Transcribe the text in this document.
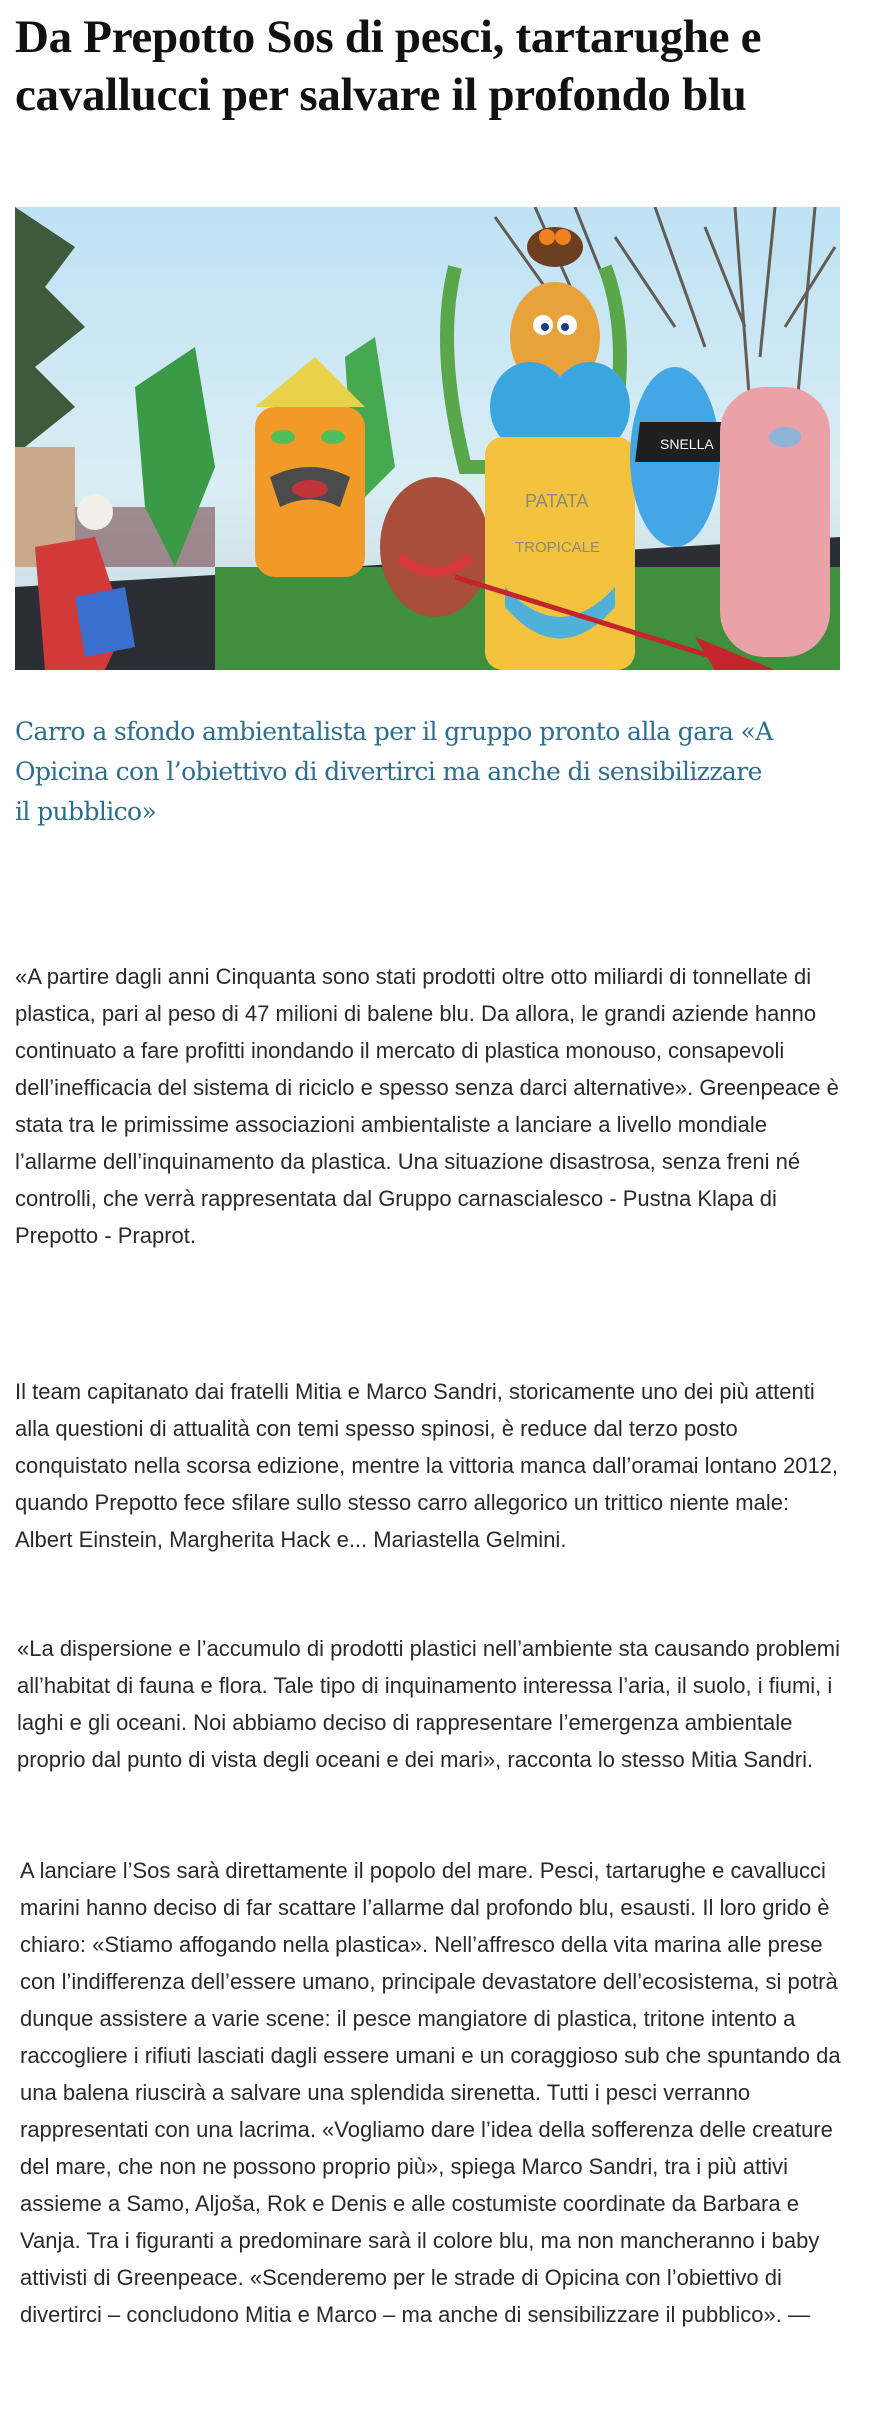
Da Prepotto Sos di pesci, tartarughe e cavallucci per salvare il profondo blu
PATATA
TROPICALE
SNELLA

Carro a sfondo ambientalista per il gruppo pronto alla gara «A Opicina con l’obiettivo di divertirci ma anche di sensibilizzare il pubblico»

«A partire dagli anni Cinquanta sono stati prodotti oltre otto miliardi di tonnellate di plastica, pari al peso di 47 milioni di balene blu. Da allora, le grandi aziende hanno continuato a fare profitti inondando il mercato di plastica monouso, consapevoli dell’inefficacia del sistema di riciclo e spesso senza darci alternative». Greenpeace è stata tra le primissime associazioni ambientaliste a lanciare a livello mondiale l’allarme dell’inquinamento da plastica. Una situazione disastrosa, senza freni né controlli, che verrà rappresentata dal Gruppo carnascialesco - Pustna Klapa di Prepotto - Praprot.

Il team capitanato dai fratelli Mitia e Marco Sandri, storicamente uno dei più attenti alla questioni di attualità con temi spesso spinosi, è reduce dal terzo posto conquistato nella scorsa edizione, mentre la vittoria manca dall’oramai lontano 2012, quando Prepotto fece sfilare sullo stesso carro allegorico un trittico niente male: Albert Einstein, Margherita Hack e... Mariastella Gelmini.

«La dispersione e l’accumulo di prodotti plastici nell’ambiente sta causando problemi all’habitat di fauna e flora. Tale tipo di inquinamento interessa l’aria, il suolo, i fiumi, i laghi e gli oceani. Noi abbiamo deciso di rappresentare l’emergenza ambientale proprio dal punto di vista degli oceani e dei mari», racconta lo stesso Mitia Sandri.

A lanciare l’Sos sarà direttamente il popolo del mare. Pesci, tartarughe e cavallucci marini hanno deciso di far scattare l’allarme dal profondo blu, esausti. Il loro grido è chiaro: «Stiamo affogando nella plastica». Nell’affresco della vita marina alle prese con l’indifferenza dell’essere umano, principale devastatore dell’ecosistema, si potrà dunque assistere a varie scene: il pesce mangiatore di plastica, tritone intento a raccogliere i rifiuti lasciati dagli essere umani e un coraggioso sub che spuntando da una balena riuscirà a salvare una splendida sirenetta. Tutti i pesci verranno rappresentati con una lacrima. «Vogliamo dare l’idea della sofferenza delle creature del mare, che non ne possono proprio più», spiega Marco Sandri, tra i più attivi assieme a Samo, Aljoša, Rok e Denis e alle costumiste coordinate da Barbara e Vanja. Tra i figuranti a predominare sarà il colore blu, ma non mancheranno i baby attivisti di Greenpeace. «Scenderemo per le strade di Opicina con l’obiettivo di divertirci – concludono Mitia e Marco – ma anche di sensibilizzare il pubblico». —
